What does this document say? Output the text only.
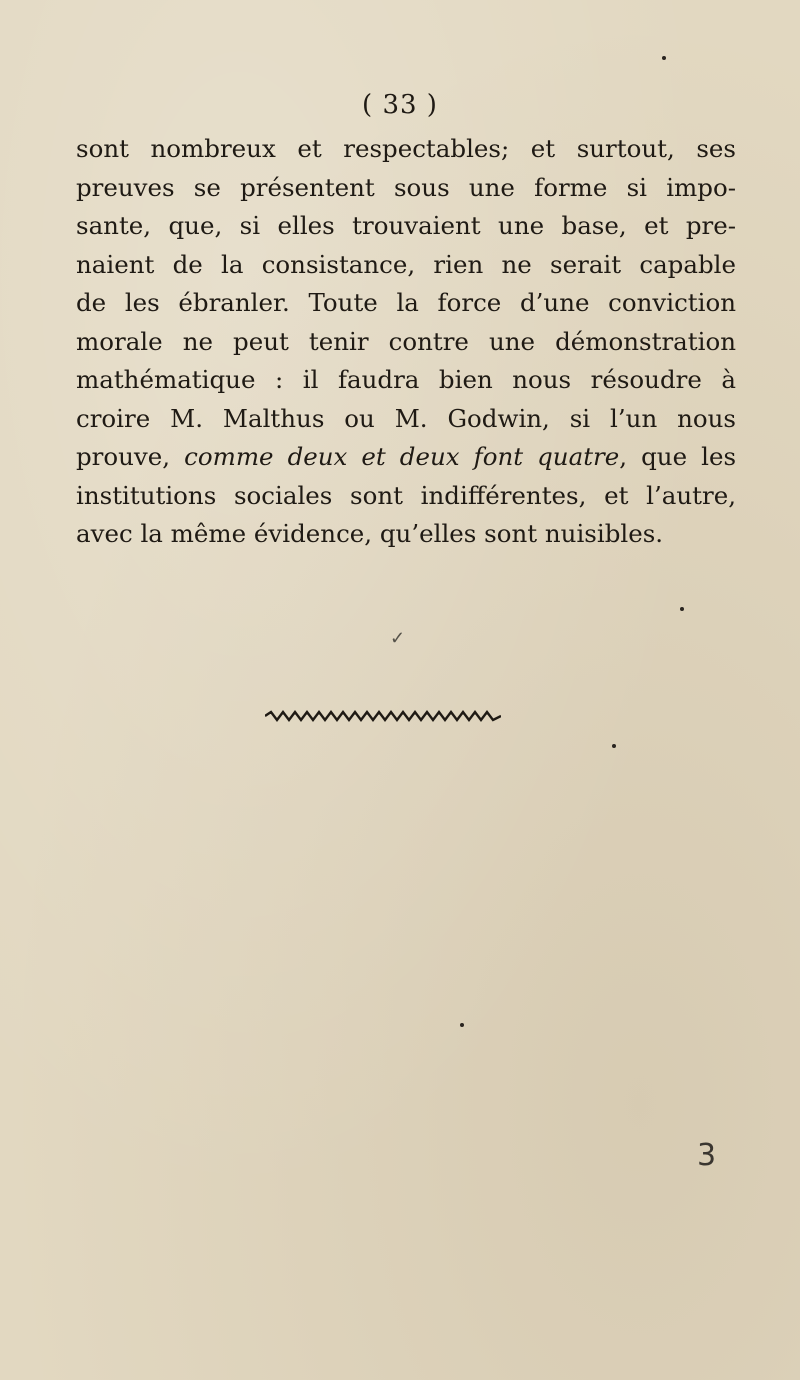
( 33 )
sont nombreux et respectables; et surtout, ses
preuves se présentent sous une forme si impo-
sante, que, si elles trouvaient une base, et pre-
naient de la consistance, rien ne serait capable
de les ébranler. Toute la force d’une conviction
morale ne peut tenir contre une démonstration
mathématique : il faudra bien nous résoudre à
croire M. Malthus ou M. Godwin, si l’un nous
prouve, comme deux et deux font quatre, que les
institutions sociales sont indifférentes, et l’autre,
avec la même évidence, qu’elles sont nuisibles.
✓
3
